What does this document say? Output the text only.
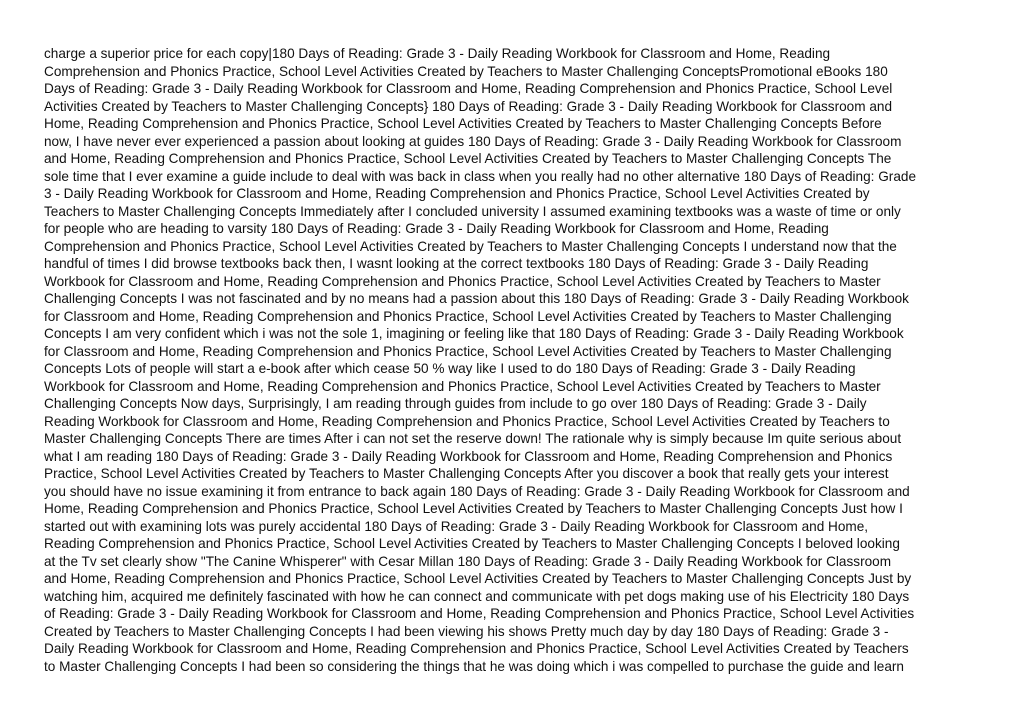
charge a superior price for each copy|180 Days of Reading: Grade 3 - Daily Reading Workbook for Classroom and Home, Reading
Comprehension and Phonics Practice, School Level Activities Created by Teachers to Master Challenging ConceptsPromotional eBooks 180
Days of Reading: Grade 3 - Daily Reading Workbook for Classroom and Home, Reading Comprehension and Phonics Practice, School Level
Activities Created by Teachers to Master Challenging Concepts} 180 Days of Reading: Grade 3 - Daily Reading Workbook for Classroom and
Home, Reading Comprehension and Phonics Practice, School Level Activities Created by Teachers to Master Challenging Concepts Before
now, I have never ever experienced a passion about looking at guides 180 Days of Reading: Grade 3 - Daily Reading Workbook for Classroom
and Home, Reading Comprehension and Phonics Practice, School Level Activities Created by Teachers to Master Challenging Concepts The
sole time that I ever examine a guide include to deal with was back in class when you really had no other alternative 180 Days of Reading: Grade
3 - Daily Reading Workbook for Classroom and Home, Reading Comprehension and Phonics Practice, School Level Activities Created by
Teachers to Master Challenging Concepts Immediately after I concluded university I assumed examining textbooks was a waste of time or only
for people who are heading to varsity 180 Days of Reading: Grade 3 - Daily Reading Workbook for Classroom and Home, Reading
Comprehension and Phonics Practice, School Level Activities Created by Teachers to Master Challenging Concepts I understand now that the
handful of times I did browse textbooks back then, I wasnt looking at the correct textbooks 180 Days of Reading: Grade 3 - Daily Reading
Workbook for Classroom and Home, Reading Comprehension and Phonics Practice, School Level Activities Created by Teachers to Master
Challenging Concepts I was not fascinated and by no means had a passion about this 180 Days of Reading: Grade 3 - Daily Reading Workbook
for Classroom and Home, Reading Comprehension and Phonics Practice, School Level Activities Created by Teachers to Master Challenging
Concepts I am very confident which i was not the sole 1, imagining or feeling like that 180 Days of Reading: Grade 3 - Daily Reading Workbook
for Classroom and Home, Reading Comprehension and Phonics Practice, School Level Activities Created by Teachers to Master Challenging
Concepts Lots of people will start a e-book after which cease 50 % way like I used to do 180 Days of Reading: Grade 3 - Daily Reading
Workbook for Classroom and Home, Reading Comprehension and Phonics Practice, School Level Activities Created by Teachers to Master
Challenging Concepts Now days, Surprisingly, I am reading through guides from include to go over 180 Days of Reading: Grade 3 - Daily
Reading Workbook for Classroom and Home, Reading Comprehension and Phonics Practice, School Level Activities Created by Teachers to
Master Challenging Concepts There are times After i can not set the reserve down! The rationale why is simply because Im quite serious about
what I am reading 180 Days of Reading: Grade 3 - Daily Reading Workbook for Classroom and Home, Reading Comprehension and Phonics
Practice, School Level Activities Created by Teachers to Master Challenging Concepts After you discover a book that really gets your interest
you should have no issue examining it from entrance to back again 180 Days of Reading: Grade 3 - Daily Reading Workbook for Classroom and
Home, Reading Comprehension and Phonics Practice, School Level Activities Created by Teachers to Master Challenging Concepts Just how I
started out with examining lots was purely accidental 180 Days of Reading: Grade 3 - Daily Reading Workbook for Classroom and Home,
Reading Comprehension and Phonics Practice, School Level Activities Created by Teachers to Master Challenging Concepts I beloved looking
at the Tv set clearly show "The Canine Whisperer" with Cesar Millan 180 Days of Reading: Grade 3 - Daily Reading Workbook for Classroom
and Home, Reading Comprehension and Phonics Practice, School Level Activities Created by Teachers to Master Challenging Concepts Just by
watching him, acquired me definitely fascinated with how he can connect and communicate with pet dogs making use of his Electricity 180 Days
of Reading: Grade 3 - Daily Reading Workbook for Classroom and Home, Reading Comprehension and Phonics Practice, School Level Activities
Created by Teachers to Master Challenging Concepts I had been viewing his shows Pretty much day by day 180 Days of Reading: Grade 3 -
Daily Reading Workbook for Classroom and Home, Reading Comprehension and Phonics Practice, School Level Activities Created by Teachers
to Master Challenging Concepts I had been so considering the things that he was doing which i was compelled to purchase the guide and learn
